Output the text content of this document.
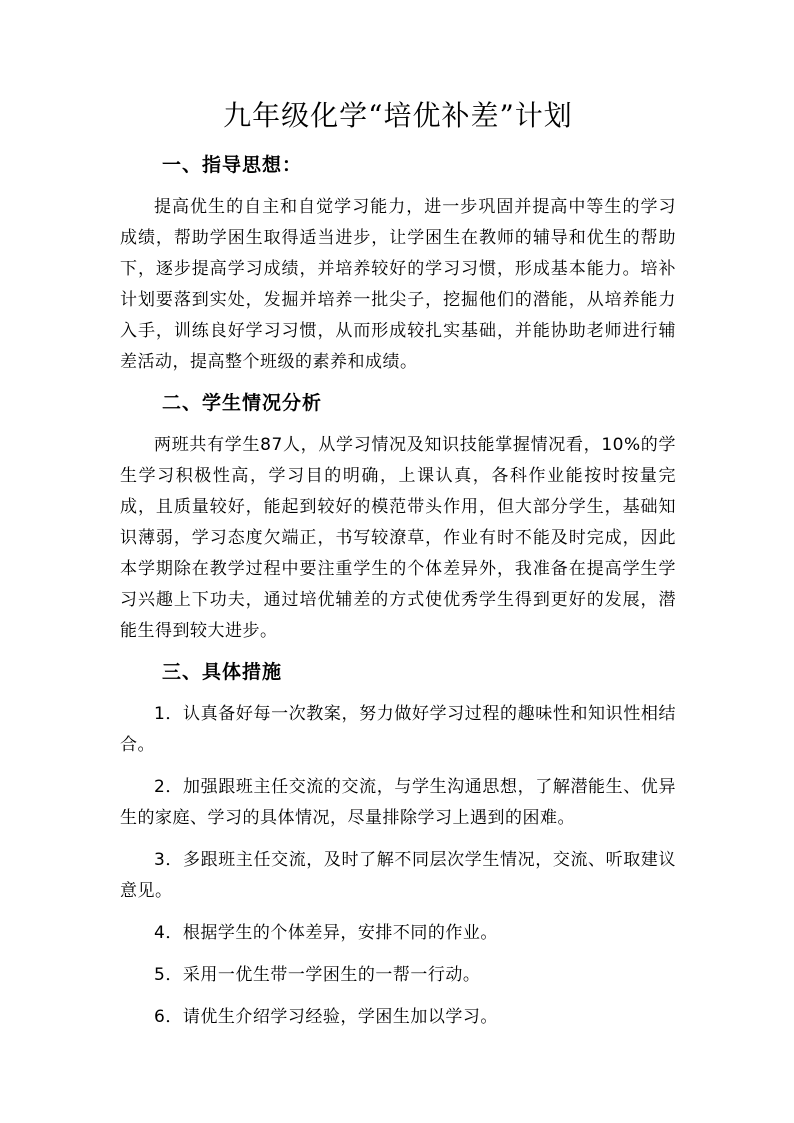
九年级化学“培优补差”计划
一、指导思想：
提高优生的自主和自觉学习能力，进一步巩固并提高中等生的学习成绩，帮助学困生取得适当进步，让学困生在教师的辅导和优生的帮助下，逐步提高学习成绩，并培养较好的学习习惯，形成基本能力。培补计划要落到实处，发掘并培养一批尖子，挖掘他们的潜能，从培养能力入手，训练良好学习习惯，从而形成较扎实基础，并能协助老师进行辅差活动，提高整个班级的素养和成绩。
二、学生情况分析
两班共有学生87人，从学习情况及知识技能掌握情况看，10%的学生学习积极性高，学习目的明确，上课认真，各科作业能按时按量完成，且质量较好，能起到较好的模范带头作用，但大部分学生，基础知识薄弱，学习态度欠端正，书写较潦草，作业有时不能及时完成，因此本学期除在教学过程中要注重学生的个体差异外，我准备在提高学生学习兴趣上下功夫，通过培优辅差的方式使优秀学生得到更好的发展，潜能生得到较大进步。
三、具体措施
1．认真备好每一次教案，努力做好学习过程的趣味性和知识性相结合。
2．加强跟班主任交流的交流，与学生沟通思想，了解潜能生、优异生的家庭、学习的具体情况，尽量排除学习上遇到的困难。
3．多跟班主任交流，及时了解不同层次学生情况，交流、听取建议意见。
4．根据学生的个体差异，安排不同的作业。
5．采用一优生带一学困生的一帮一行动。
6．请优生介绍学习经验，学困生加以学习。
